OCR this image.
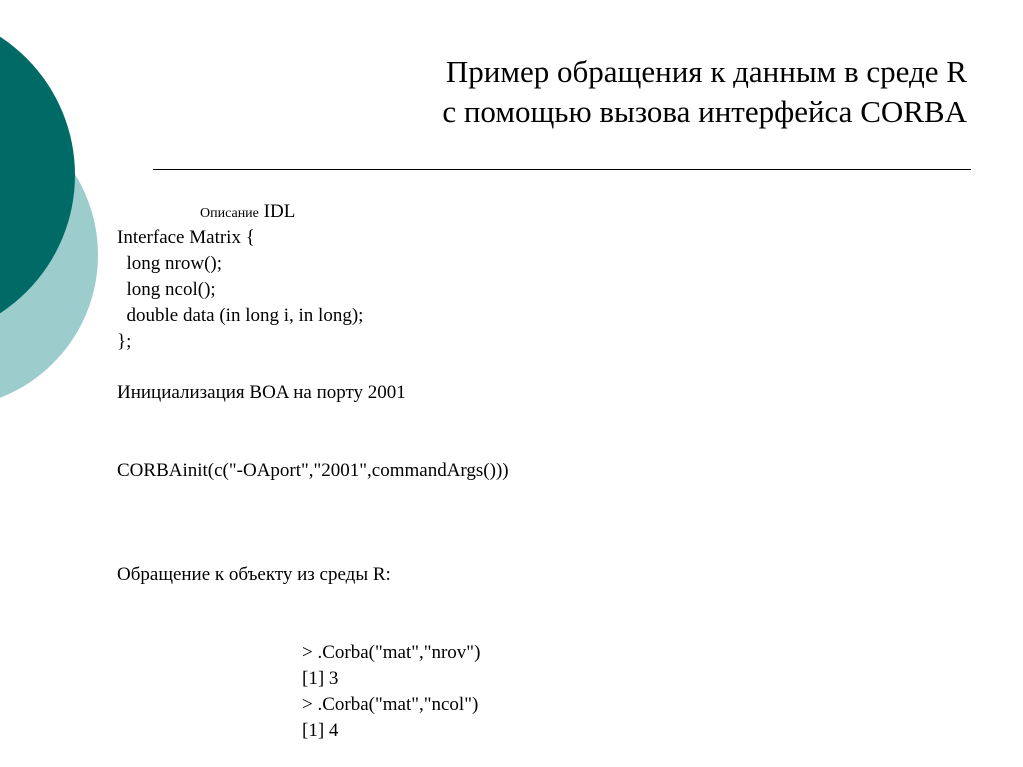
Пример обращения к данным в среде R
с помощью вызова интерфейса CORBA
Описание IDL
Interface Matrix {
long nrow();
long ncol();
double data (in long i, in long);
};
Инициализация BOA на порту 2001
CORBAinit(c("-OAport","2001",commandArgs()))
Обращение к объекту из среды R:
> .Corba("mat","nrov")
[1] 3
> .Corba("mat","ncol")
[1] 4
